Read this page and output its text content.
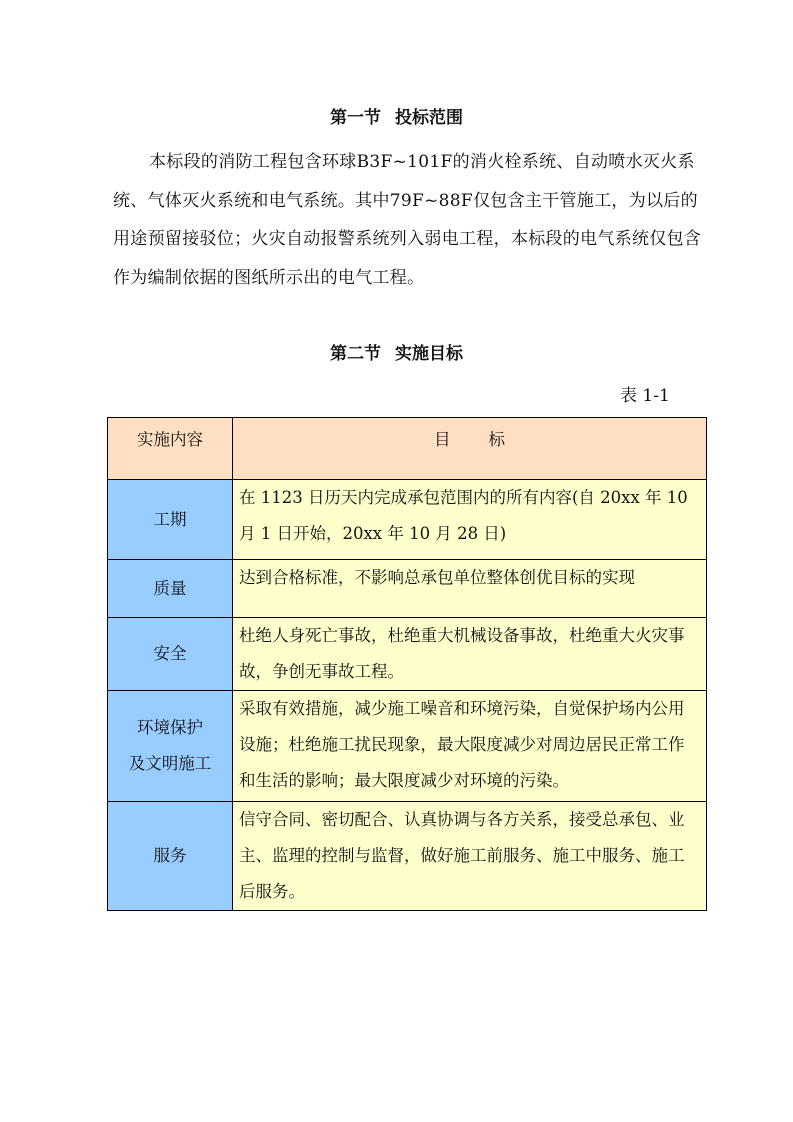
第一节 投标范围
本标段的消防工程包含环球B3F~101F的消火栓系统、自动喷水灭火系统、气体灭火系统和电气系统。其中79F~88F仅包含主干管施工，为以后的用途预留接驳位；火灾自动报警系统列入弱电工程，本标段的电气系统仅包含作为编制依据的图纸所示出的电气工程。
第二节 实施目标
表 1-1
实施内容	目 标
工期	在 1123 日历天内完成承包范围内的所有内容(自 20xx 年 10 月 1 日开始，20xx 年 10 月 28 日)
质量	达到合格标准，不影响总承包单位整体创优目标的实现
安全	杜绝人身死亡事故，杜绝重大机械设备事故，杜绝重大火灾事故，争创无事故工程。

环境保护
及文明施工	采取有效措施，减少施工噪音和环境污染，自觉保护场内公用设施；杜绝施工扰民现象，最大限度减少对周边居民正常工作和生活的影响；最大限度减少对环境的污染。
服务	信守合同、密切配合、认真协调与各方关系，接受总承包、业主、监理的控制与监督，做好施工前服务、施工中服务、施工后服务。
